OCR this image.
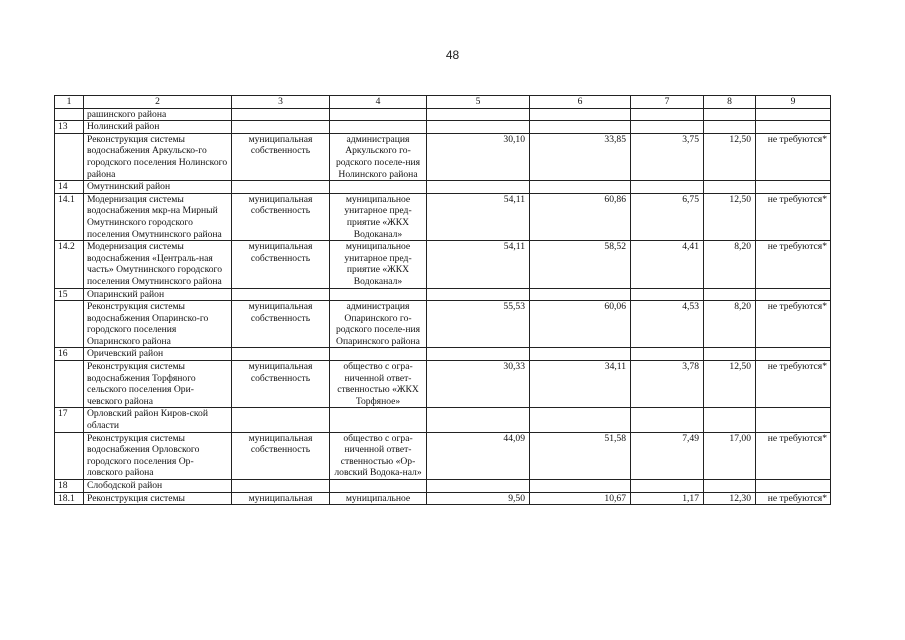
48
1	2	3	4	5	6	7	8	9
	рашинского района							
13	Нолинский район							
	Реконструкция системы водоснабжения Аркульско-го городского поселения Нолинского района	муниципальная собственность	администрация Аркульского го-родского поселе-ния Нолинского района	30,10	33,85	3,75	12,50	не требуются*
14	Омутнинский район							
14.1	Модернизация системы водоснабжения мкр-на Мирный Омутнинского городского поселения Омутнинского района	муниципальная собственность	муниципальное унитарное пред-приятие «ЖКХ Водоканал»	54,11	60,86	6,75	12,50	не требуются*
14.2	Модернизация системы водоснабжения «Централь-ная часть» Омутнинского городского поселения Омутнинского района	муниципальная собственность	муниципальное унитарное пред-приятие «ЖКХ Водоканал»	54,11	58,52	4,41	8,20	не требуются*
15	Опаринский район							
	Реконструкция системы водоснабжения Опаринско-го городского поселения Опаринского района	муниципальная собственность	администрация Опаринского го-родского поселе-ния Опаринского района	55,53	60,06	4,53	8,20	не требуются*
16	Оричевский район							
	Реконструкция системы водоснабжения Торфяного сельского поселения Ори-чевского района	муниципальная собственность	общество с огра-ниченной ответ-ственностью «ЖКХ Торфяное»	30,33	34,11	3,78	12,50	не требуются*
17	Орловский район Киров-ской области							
	Реконструкция системы водоснабжения Орловского городского поселения Ор-ловского района	муниципальная собственность	общество с огра-ниченной ответ-ственностью «Ор-ловский Водока-нал»	44,09	51,58	7,49	17,00	не требуются*
18	Слободской район							
18.1	Реконструкция системы	муниципальная	муниципальное	9,50	10,67	1,17	12,30	не требуются*
